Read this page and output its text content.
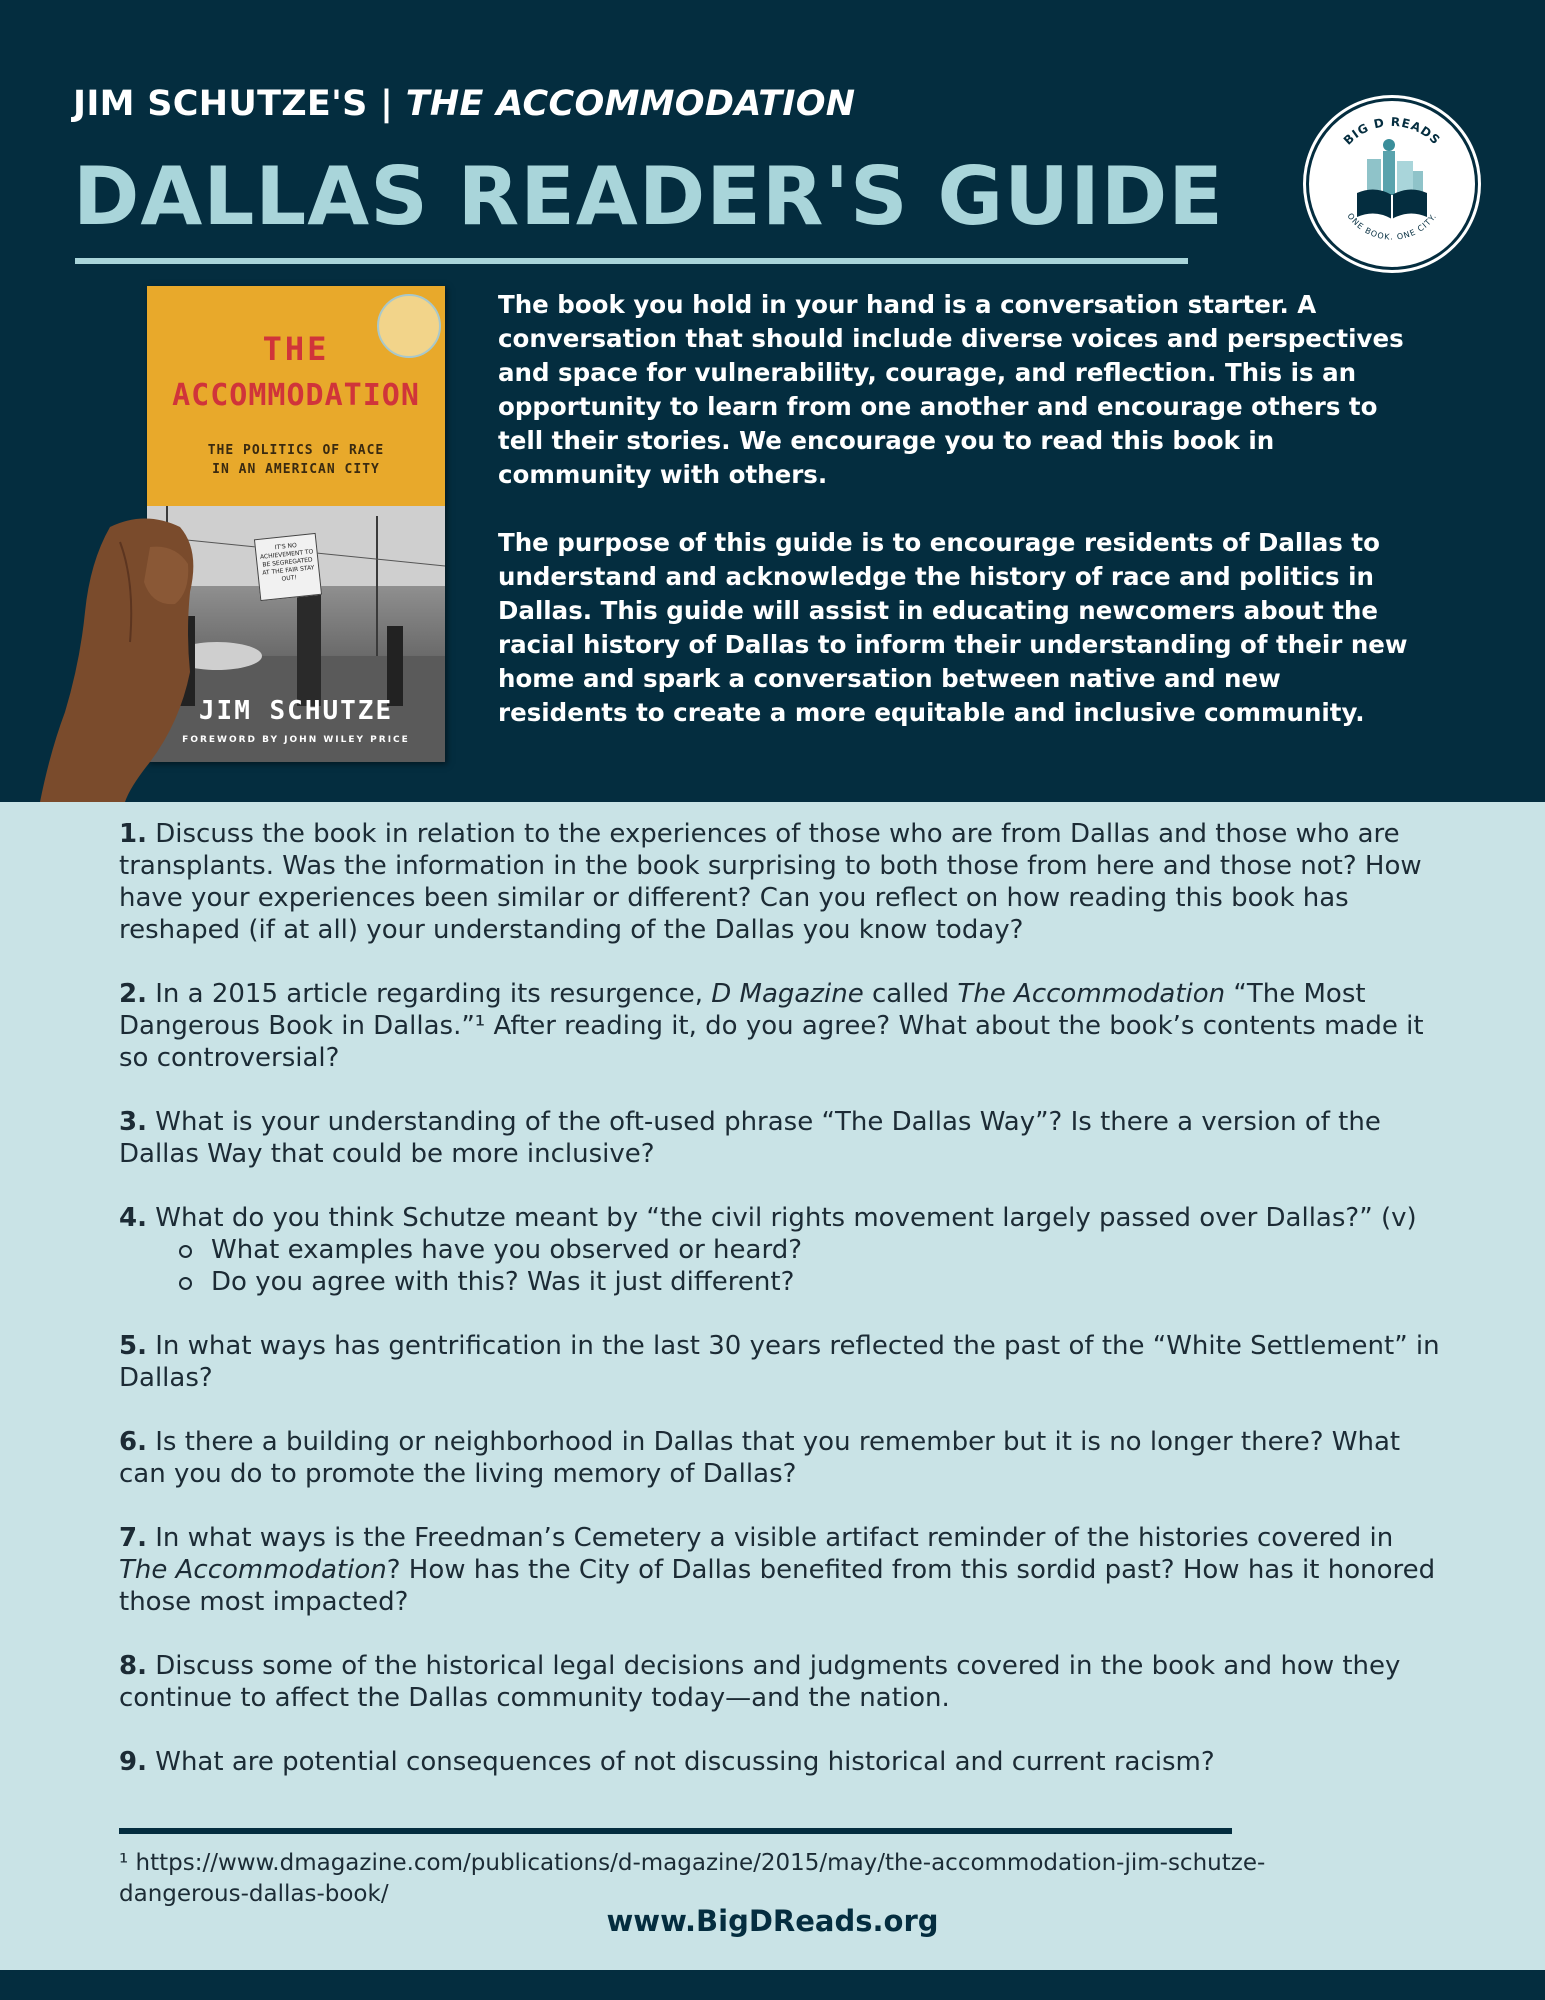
JIM SCHUTZE'S | THE ACCOMMODATION
DALLAS READER'S GUIDE
BIG D READS
ONE BOOK. ONE CITY.
THE
ACCOMMODATION
THE POLITICS OF RACE
IN AN AMERICAN CITY
IT'S NO ACHIEVEMENT TO BE SEGREGATED AT THE FAIR STAY OUT!
JIM SCHUTZE
FOREWORD BY JOHN WILEY PRICE

The book you hold in your hand is a conversation starter. A conversation that should include diverse voices and perspectives and space for vulnerability, courage, and reflection. This is an opportunity to learn from one another and encourage others to tell their stories. We encourage you to read this book in community with others.

The purpose of this guide is to encourage residents of Dallas to understand and acknowledge the history of race and politics in Dallas. This guide will assist in educating newcomers about the racial history of Dallas to inform their understanding of their new home and spark a conversation between native and new residents to create a more equitable and inclusive community.

1. Discuss the book in relation to the experiences of those who are from Dallas and those who are transplants. Was the information in the book surprising to both those from here and those not? How have your experiences been similar or different? Can you reflect on how reading this book has reshaped (if at all) your understanding of the Dallas you know today?

2. In a 2015 article regarding its resurgence, D Magazine called The Accommodation “The Most Dangerous Book in Dallas.”¹ After reading it, do you agree? What about the book’s contents made it so controversial?

3. What is your understanding of the oft-used phrase “The Dallas Way”? Is there a version of the Dallas Way that could be more inclusive?

4. What do you think Schutze meant by “the civil rights movement largely passed over Dallas?” (v)
What examples have you observed or heard?
Do you agree with this? Was it just different?

5. In what ways has gentrification in the last 30 years reflected the past of the “White Settlement” in Dallas?

6. Is there a building or neighborhood in Dallas that you remember but it is no longer there? What can you do to promote the living memory of Dallas?

7. In what ways is the Freedman’s Cemetery a visible artifact reminder of the histories covered in The Accommodation? How has the City of Dallas benefited from this sordid past? How has it honored those most impacted?

8. Discuss some of the historical legal decisions and judgments covered in the book and how they continue to affect the Dallas community today—and the nation.

9. What are potential consequences of not discussing historical and current racism?

¹ https://www.dmagazine.com/publications/d-magazine/2015/may/the-accommodation-jim-schutze-dangerous-dallas-book/
www.BigDReads.org
